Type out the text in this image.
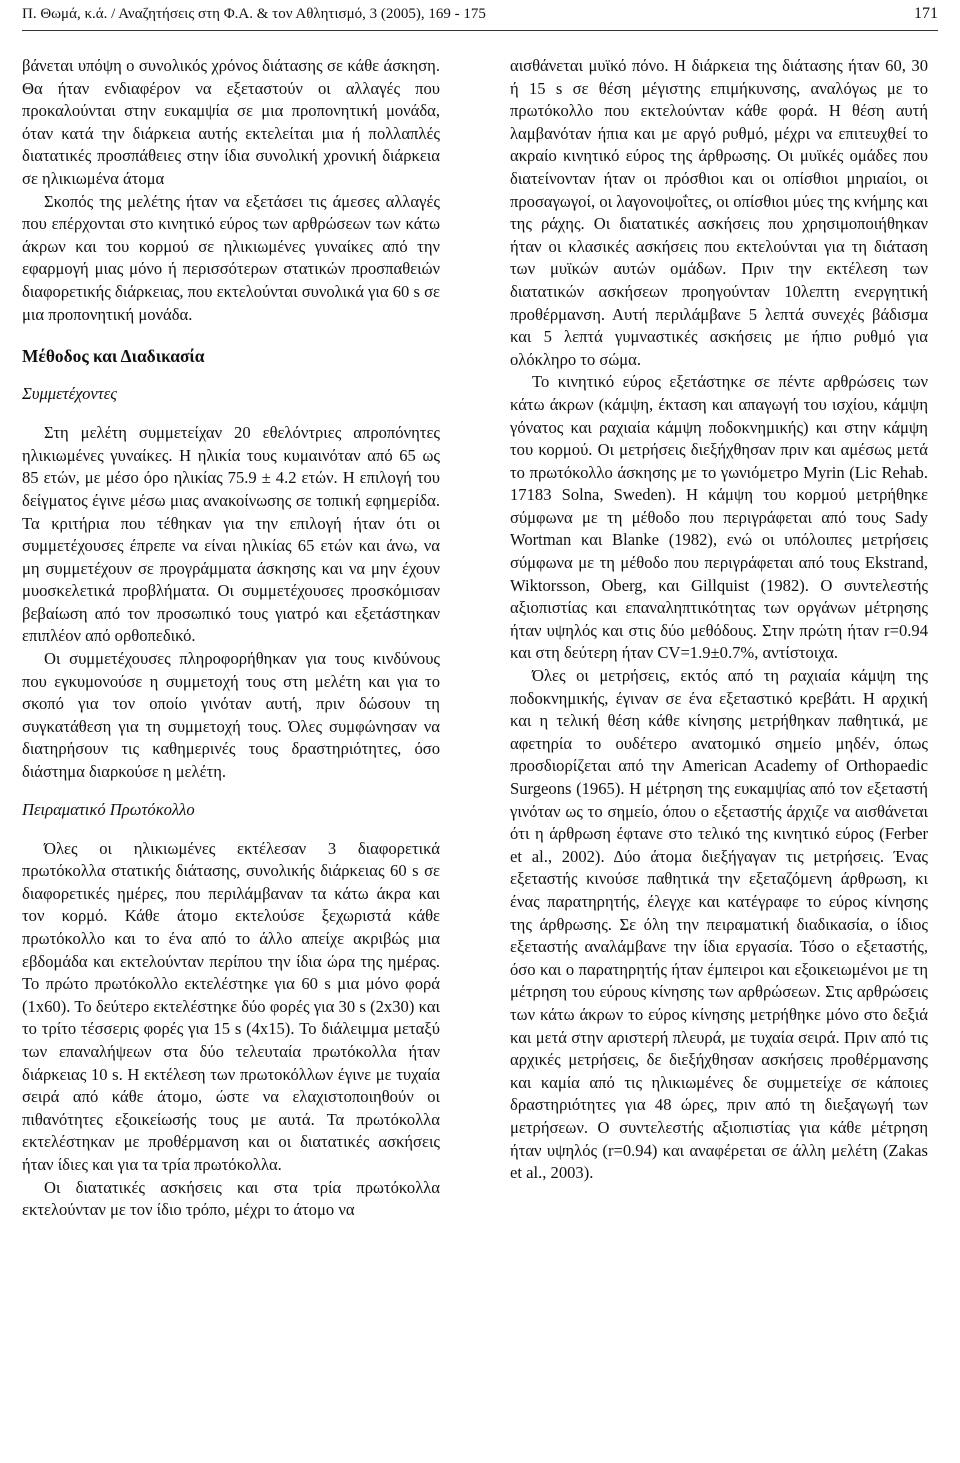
Π. Θωμά, κ.ά. / Αναζητήσεις στη Φ.Α. & τον Αθλητισμό, 3 (2005), 169 - 175	171

βάνεται υπόψη ο συνολικός χρόνος διάτασης σε κάθε άσκηση. Θα ήταν ενδιαφέρον να εξεταστούν οι αλλαγές που προκαλούνται στην ευκαμψία σε μια προπονητική μονάδα, όταν κατά την διάρκεια αυτής εκτελείται μια ή πολλαπλές διατατικές προσπάθειες στην ίδια συνολική χρονική διάρκεια σε ηλικιωμένα άτομα

Σκοπός της μελέτης ήταν να εξετάσει τις άμεσες αλλαγές που επέρχονται στο κινητικό εύρος των αρθρώσεων των κάτω άκρων και του κορμού σε ηλικιωμένες γυναίκες από την εφαρμογή μιας μόνο ή περισσότερων στατικών προσπαθειών διαφορετικής διάρκειας, που εκτελούνται συνολικά για 60 s σε μια προπονητική μονάδα.

Μέθοδος και Διαδικασία
Συμμετέχοντες

Στη μελέτη συμμετείχαν 20 εθελόντριες απροπόνητες ηλικιωμένες γυναίκες. Η ηλικία τους κυμαινόταν από 65 ως 85 ετών, με μέσο όρο ηλικίας 75.9 ± 4.2 ετών. Η επιλογή του δείγματος έγινε μέσω μιας ανακοίνωσης σε τοπική εφημερίδα. Τα κριτήρια που τέθηκαν για την επιλογή ήταν ότι οι συμμετέχουσες έπρεπε να είναι ηλικίας 65 ετών και άνω, να μη συμμετέχουν σε προγράμματα άσκησης και να μην έχουν μυοσκελετικά προβλήματα. Οι συμμετέχουσες προσκόμισαν βεβαίωση από τον προσωπικό τους γιατρό και εξετάστηκαν επιπλέον από ορθοπεδικό.

Οι συμμετέχουσες πληροφορήθηκαν για τους κινδύνους που εγκυμονούσε η συμμετοχή τους στη μελέτη και για το σκοπό για τον οποίο γινόταν αυτή, πριν δώσουν τη συγκατάθεση για τη συμμετοχή τους. Όλες συμφώνησαν να διατηρήσουν τις καθημερινές τους δραστηριότητες, όσο διάστημα διαρκούσε η μελέτη.

Πειραματικό Πρωτόκολλο

Όλες οι ηλικιωμένες εκτέλεσαν 3 διαφορετικά πρωτόκολλα στατικής διάτασης, συνολικής διάρκειας 60 s σε διαφορετικές ημέρες, που περιλάμβαναν τα κάτω άκρα και τον κορμό. Κάθε άτομο εκτελούσε ξεχωριστά κάθε πρωτόκολλο και το ένα από το άλλο απείχε ακριβώς μια εβδομάδα και εκτελούνταν περίπου την ίδια ώρα της ημέρας. Το πρώτο πρωτόκολλο εκτελέστηκε για 60 s μια μόνο φορά (1x60). Το δεύτερο εκτελέστηκε δύο φορές για 30 s (2x30) και το τρίτο τέσσερις φορές για 15 s (4x15). Το διάλειμμα μεταξύ των επαναλήψεων στα δύο τελευταία πρωτόκολλα ήταν διάρκειας 10 s. Η εκτέλεση των πρωτοκόλλων έγινε με τυχαία σειρά από κάθε άτομο, ώστε να ελαχιστοποιηθούν οι πιθανότητες εξοικείωσής τους με αυτά. Τα πρωτόκολλα εκτελέστηκαν με προθέρμανση και οι διατατικές ασκήσεις ήταν ίδιες και για τα τρία πρωτόκολλα.

Οι διατατικές ασκήσεις και στα τρία πρωτόκολλα εκτελούνταν με τον ίδιο τρόπο, μέχρι το άτομο να

αισθάνεται μυϊκό πόνο. Η διάρκεια της διάτασης ήταν 60, 30 ή 15 s σε θέση μέγιστης επιμήκυνσης, αναλόγως με το πρωτόκολλο που εκτελούνταν κάθε φορά. Η θέση αυτή λαμβανόταν ήπια και με αργό ρυθμό, μέχρι να επιτευχθεί το ακραίο κινητικό εύρος της άρθρωσης. Οι μυϊκές ομάδες που διατείνονταν ήταν οι πρόσθιοι και οι οπίσθιοι μηριαίοι, οι προσαγωγοί, οι λαγονοψοΐτες, οι οπίσθιοι μύες της κνήμης και της ράχης. Οι διατατικές ασκήσεις που χρησιμοποιήθηκαν ήταν οι κλασικές ασκήσεις που εκτελούνται για τη διάταση των μυϊκών αυτών ομάδων. Πριν την εκτέλεση των διατατικών ασκήσεων προηγούνταν 10λεπτη ενεργητική προθέρμανση. Αυτή περιλάμβανε 5 λεπτά συνεχές βάδισμα και 5 λεπτά γυμναστικές ασκήσεις με ήπιο ρυθμό για ολόκληρο το σώμα.

Το κινητικό εύρος εξετάστηκε σε πέντε αρθρώσεις των κάτω άκρων (κάμψη, έκταση και απαγωγή του ισχίου, κάμψη γόνατος και ραχιαία κάμψη ποδοκνημικής) και στην κάμψη του κορμού. Οι μετρήσεις διεξήχθησαν πριν και αμέσως μετά το πρωτόκολλο άσκησης με το γωνιόμετρο Myrin (Lic Rehab. 17183 Solna, Sweden). Η κάμψη του κορμού μετρήθηκε σύμφωνα με τη μέθοδο που περιγράφεται από τους Sady Wortman και Blanke (1982), ενώ οι υπόλοιπες μετρήσεις σύμφωνα με τη μέθοδο που περιγράφεται από τους Ekstrand, Wiktorsson, Oberg, και Gillquist (1982). Ο συντελεστής αξιοπιστίας και επαναληπτικότητας των οργάνων μέτρησης ήταν υψηλός και στις δύο μεθόδους. Στην πρώτη ήταν r=0.94 και στη δεύτερη ήταν CV=1.9±0.7%, αντίστοιχα.

Όλες οι μετρήσεις, εκτός από τη ραχιαία κάμψη της ποδοκνημικής, έγιναν σε ένα εξεταστικό κρεβάτι. Η αρχική και η τελική θέση κάθε κίνησης μετρήθηκαν παθητικά, με αφετηρία το ουδέτερο ανατομικό σημείο μηδέν, όπως προσδιορίζεται από την American Academy of Orthopaedic Surgeons (1965). Η μέτρηση της ευκαμψίας από τον εξεταστή γινόταν ως το σημείο, όπου ο εξεταστής άρχιζε να αισθάνεται ότι η άρθρωση έφτανε στο τελικό της κινητικό εύρος (Ferber et al., 2002). Δύο άτομα διεξήγαγαν τις μετρήσεις. Ένας εξεταστής κινούσε παθητικά την εξεταζόμενη άρθρωση, κι ένας παρατηρητής, έλεγχε και κατέγραφε το εύρος κίνησης της άρθρωσης. Σε όλη την πειραματική διαδικασία, ο ίδιος εξεταστής αναλάμβανε την ίδια εργασία. Τόσο ο εξεταστής, όσο και ο παρατηρητής ήταν έμπειροι και εξοικειωμένοι με τη μέτρηση του εύρους κίνησης των αρθρώσεων. Στις αρθρώσεις των κάτω άκρων το εύρος κίνησης μετρήθηκε μόνο στο δεξιά και μετά στην αριστερή πλευρά, με τυχαία σειρά. Πριν από τις αρχικές μετρήσεις, δε διεξήχθησαν ασκήσεις προθέρμανσης και καμία από τις ηλικιωμένες δε συμμετείχε σε κάποιες δραστηριότητες για 48 ώρες, πριν από τη διεξαγωγή των μετρήσεων. Ο συντελεστής αξιοπιστίας για κάθε μέτρηση ήταν υψηλός (r=0.94) και αναφέρεται σε άλλη μελέτη (Zakas et al., 2003).
